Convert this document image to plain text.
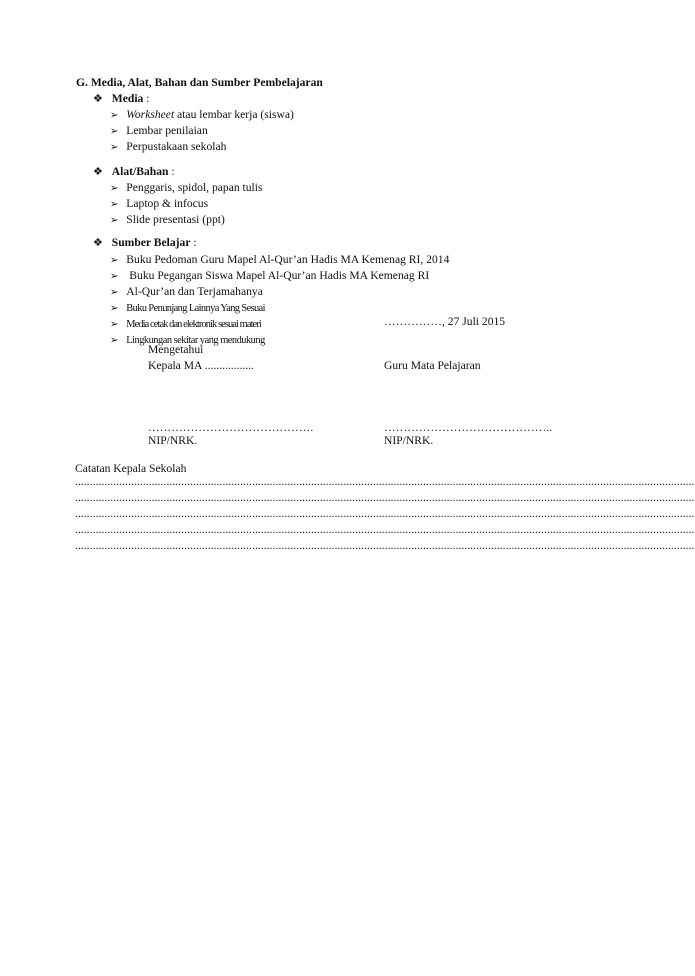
G. Media, Alat, Bahan dan Sumber Pembelajaran
❖ Media :
➢ Worksheet atau lembar kerja (siswa)
➢ Lembar penilaian
➢ Perpustakaan sekolah
❖ Alat/Bahan :
➢ Penggaris, spidol, papan tulis
➢ Laptop & infocus
➢ Slide presentasi (ppt)
❖ Sumber Belajar :
➢ Buku Pedoman Guru Mapel Al-Qur’an Hadis MA Kemenag RI, 2014
➢ Buku Pegangan Siswa Mapel Al-Qur’an Hadis MA Kemenag RI
➢ Al-Qur’an dan Terjamahanya
➢ Buku Penunjang Lainnya Yang Sesuai
➢ Media cetak dan elektronik sesuai materi
➢ Lingkungan sekitar yang mendukung
……………, 27 Juli 2015
Mengetahui
Kepala MA .................	Guru Mata Pelajaran
…………………………………….	……………………………………..
NIP/NRK.	NIP/NRK.
Catatan Kepala Sekolah
..................................................................................................................................................................................................................
..................................................................................................................................................................................................................
..................................................................................................................................................................................................................
..................................................................................................................................................................................................................
..................................................................................................................................................................................................................
